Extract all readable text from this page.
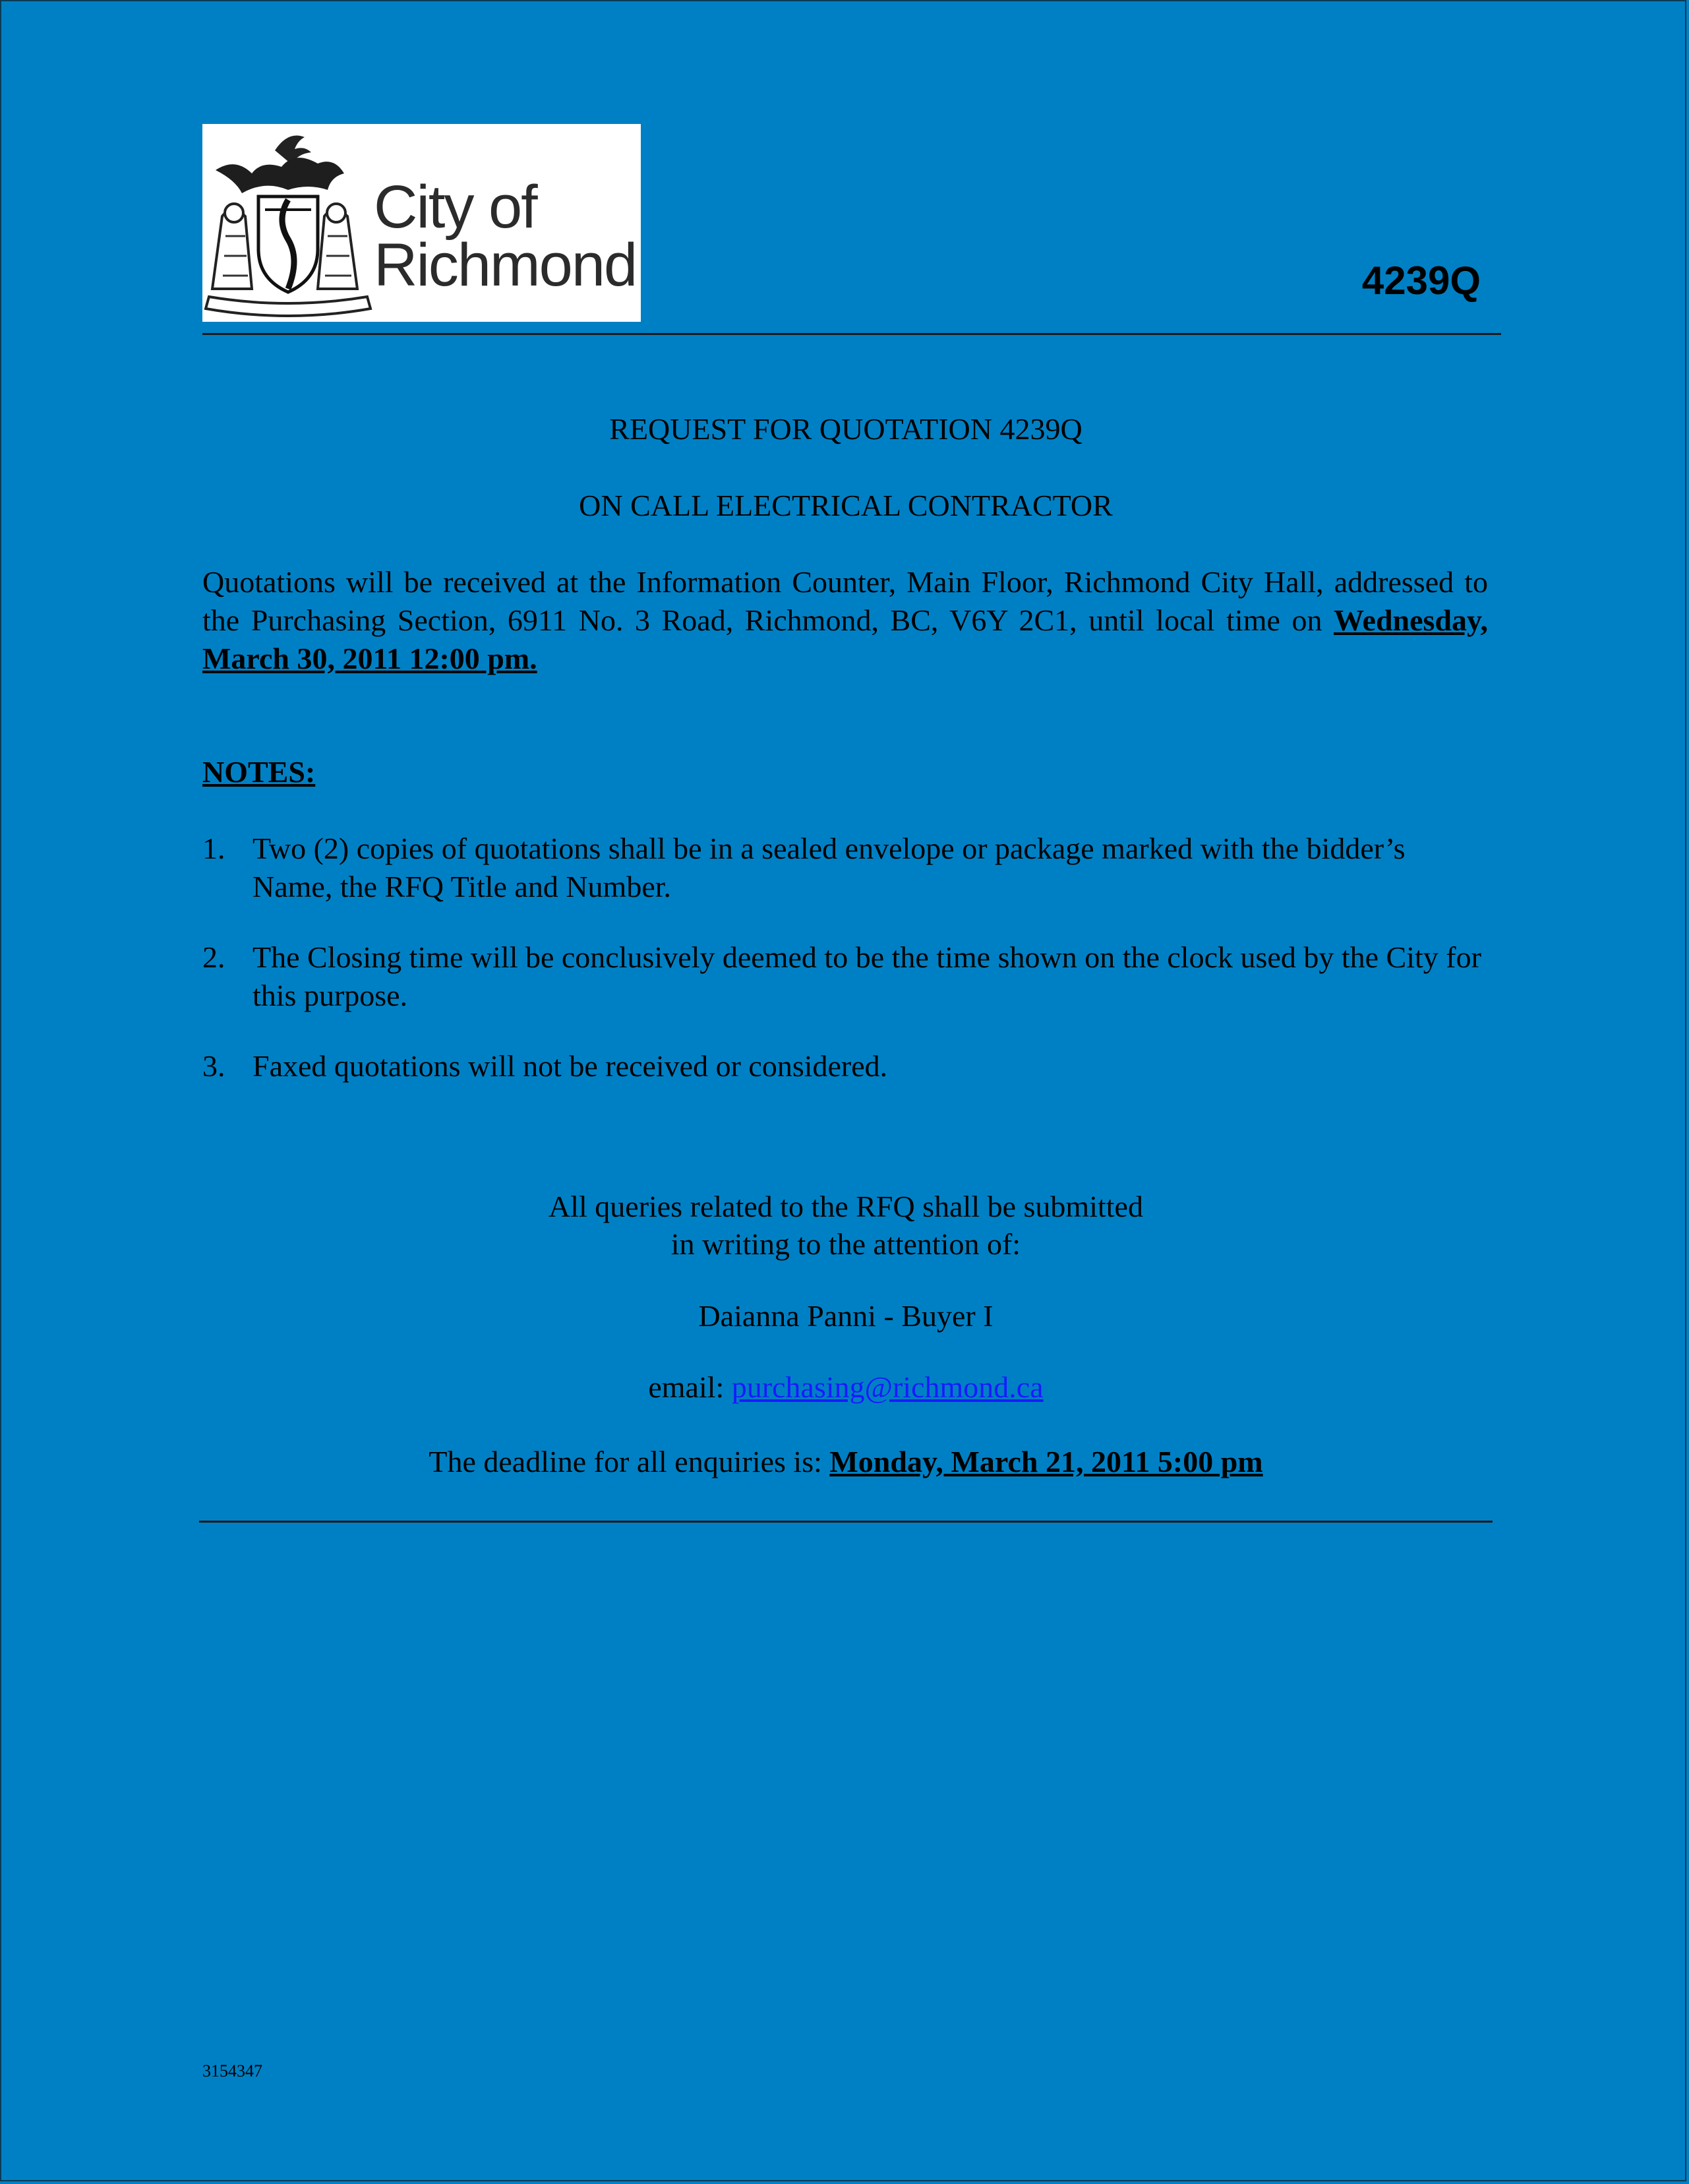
City of
Richmond	4239Q
REQUEST FOR QUOTATION 4239Q
ON CALL ELECTRICAL CONTRACTOR
Quotations will be received at the Information Counter, Main Floor, Richmond City Hall, addressed to the Purchasing Section, 6911 No. 3 Road, Richmond, BC, V6Y 2C1, until local time on Wednesday, March 30, 2011 12:00 pm.
NOTES:
1. Two (2) copies of quotations shall be in a sealed envelope or package marked with the bidder’s Name, the RFQ Title and Number.
2. The Closing time will be conclusively deemed to be the time shown on the clock used by the City for this purpose.
3. Faxed quotations will not be received or considered.
All queries related to the RFQ shall be submitted
in writing to the attention of:
Daianna Panni - Buyer I
email: purchasing@richmond.ca
The deadline for all enquiries is: Monday, March 21, 2011 5:00 pm
3154347
